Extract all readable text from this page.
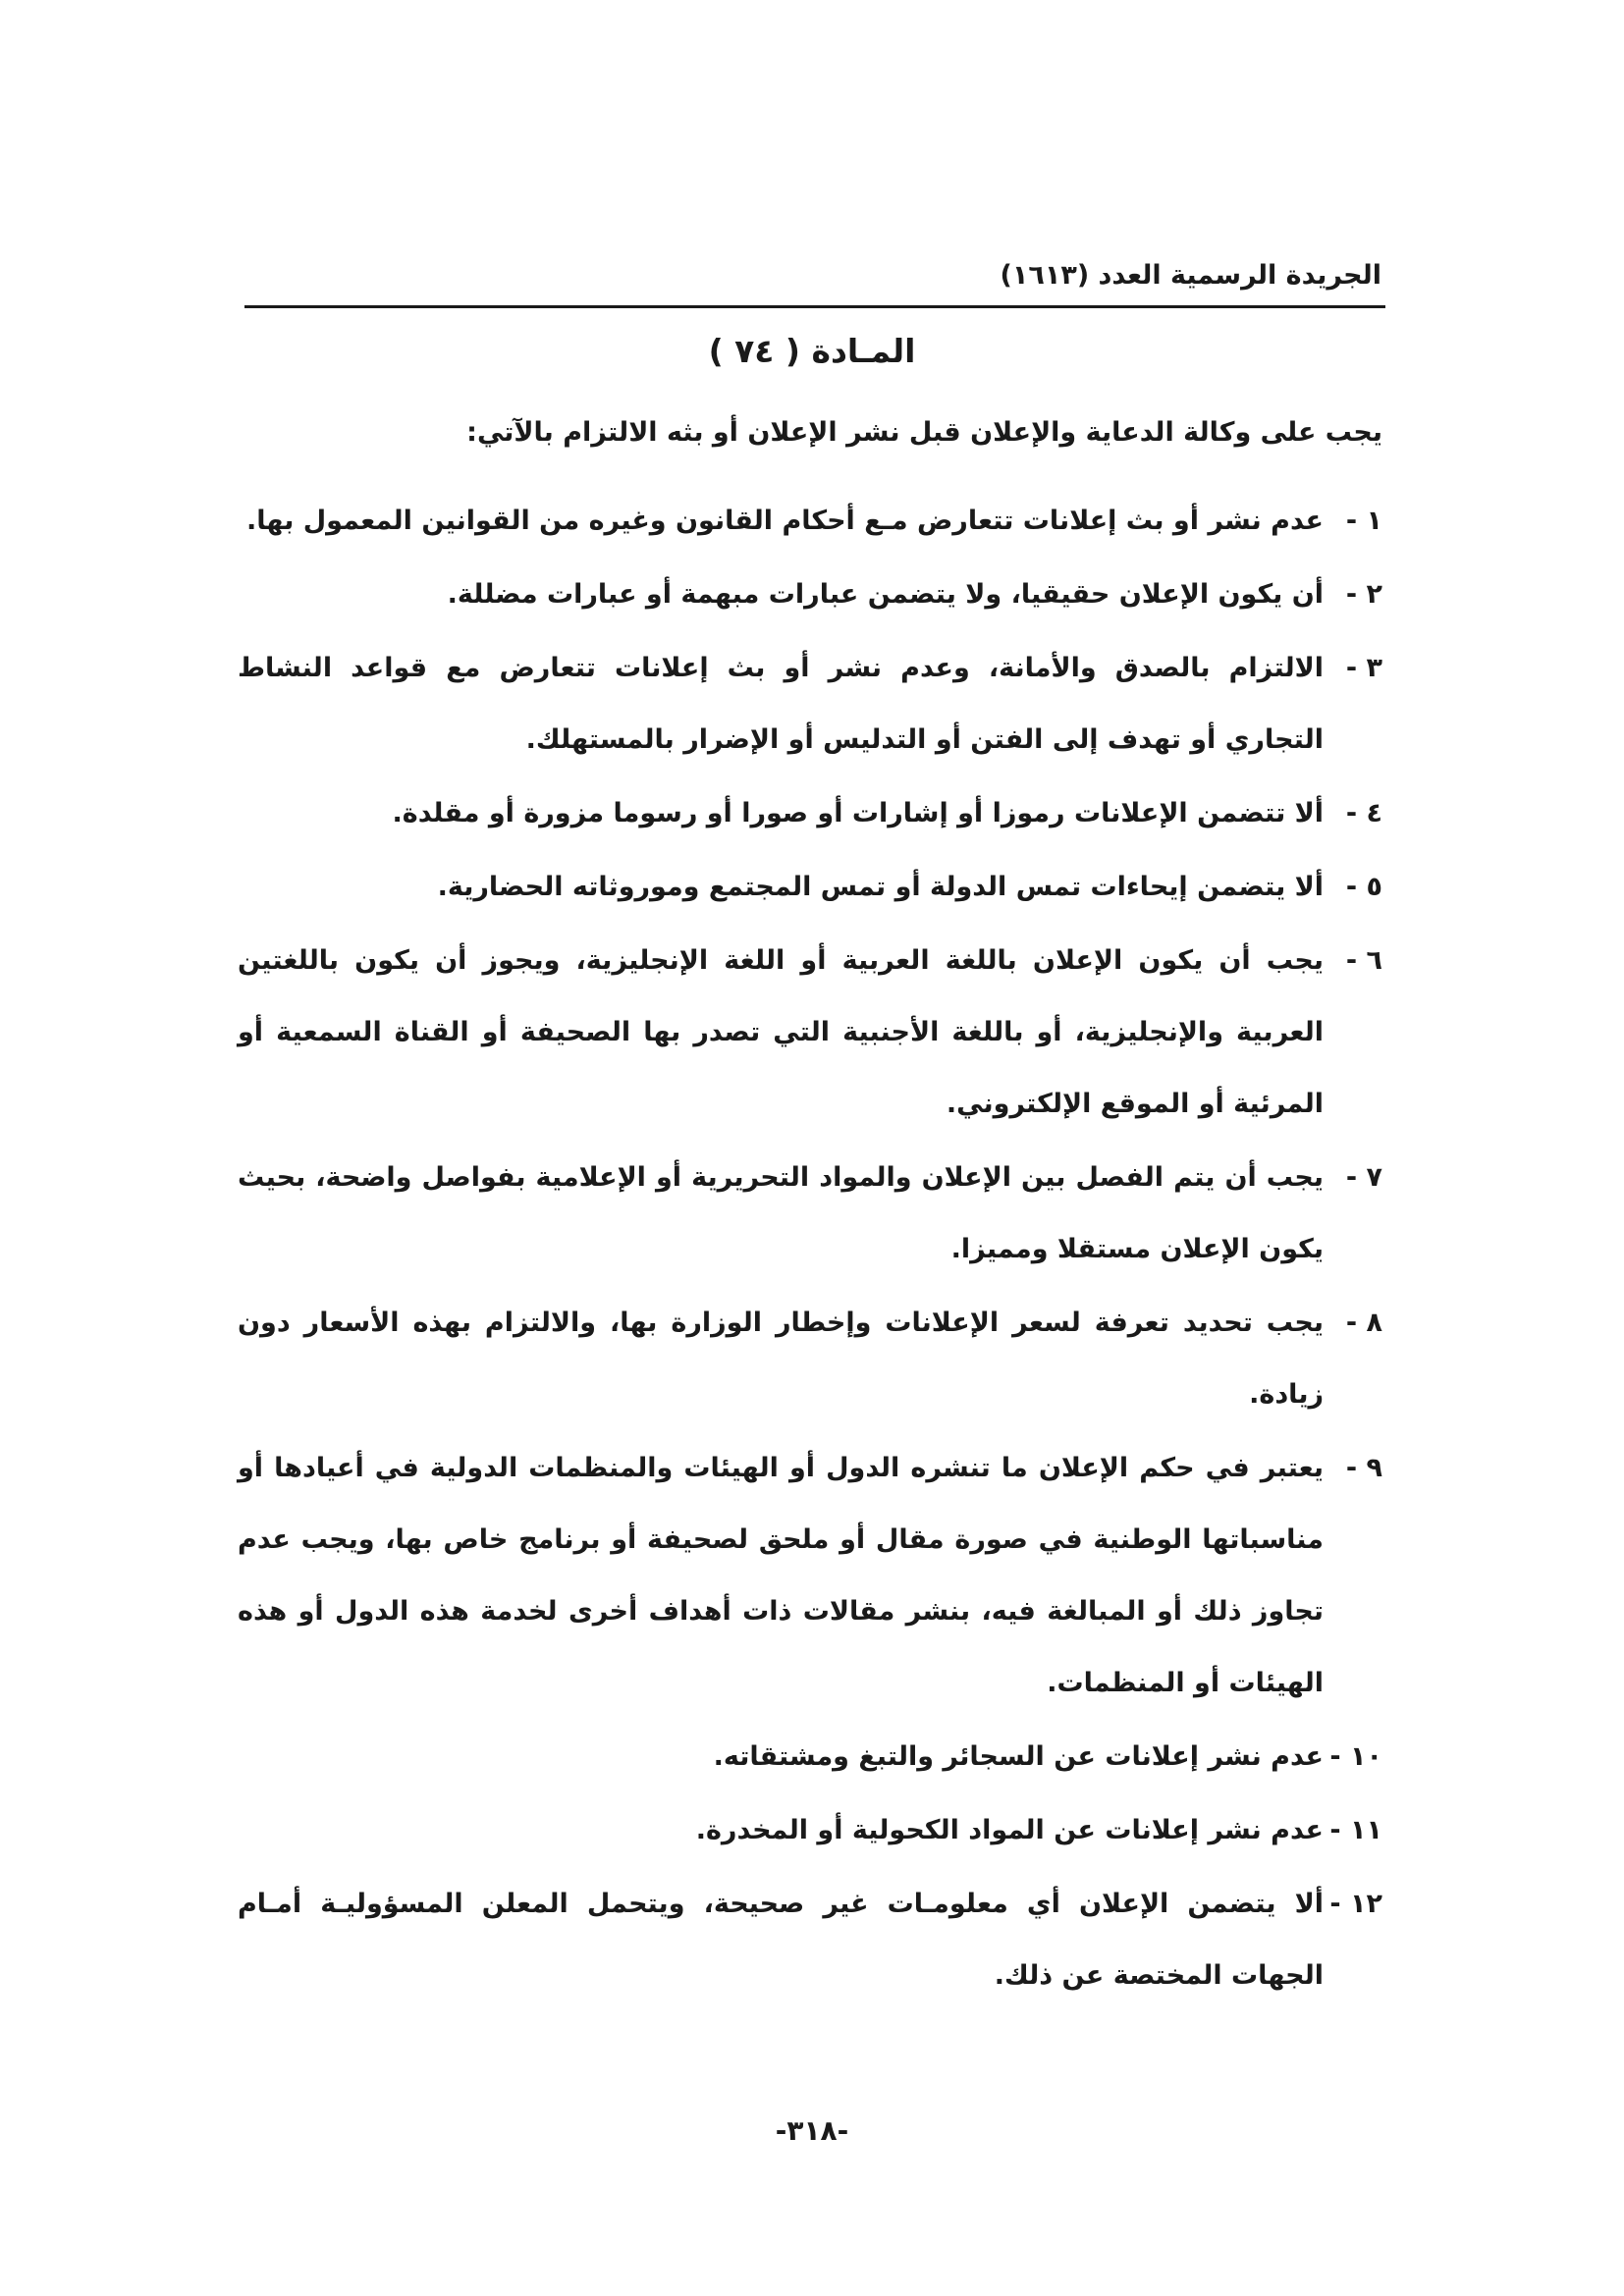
الجريدة الرسمية العدد (١٦١٣)
المـادة ( ٧٤ )
يجب على وكالة الدعاية والإعلان قبل نشر الإعلان أو بثه الالتزام بالآتي:
١ -
عدم نشر أو بث إعلانات تتعارض مـع أحكام القانون وغيره من القوانين المعمول بها.
٢ -
أن يكون الإعلان حقيقيا، ولا يتضمن عبارات مبهمة أو عبارات مضللة.
٣ -
الالتزام بالصدق والأمانة، وعدم نشر أو بث إعلانات تتعارض مع قواعد النشاط التجاري أو تهدف إلى الفتن أو التدليس أو الإضرار بالمستهلك.
٤ -
ألا تتضمن الإعلانات رموزا أو إشارات أو صورا أو رسوما مزورة أو مقلدة.
٥ -
ألا يتضمن إيحاءات تمس الدولة أو تمس المجتمع وموروثاته الحضارية.
٦ -
يجب أن يكون الإعلان باللغة العربية أو اللغة الإنجليزية، ويجوز أن يكون باللغتين العربية والإنجليزية، أو باللغة الأجنبية التي تصدر بها الصحيفة أو القناة السمعية أو المرئية أو الموقع الإلكتروني.
٧ -
يجب أن يتم الفصل بين الإعلان والمواد التحريرية أو الإعلامية بفواصل واضحة، بحيث يكون الإعلان مستقلا ومميزا.
٨ -
يجب تحديد تعرفة لسعر الإعلانات وإخطار الوزارة بها، والالتزام بهذه الأسعار دون زيادة.
٩ -
يعتبر في حكم الإعلان ما تنشره الدول أو الهيئات والمنظمات الدولية في أعيادها أو مناسباتها الوطنية في صورة مقال أو ملحق لصحيفة أو برنامج خاص بها، ويجب عدم تجاوز ذلك أو المبالغة فيه، بنشر مقالات ذات أهداف أخرى لخدمة هذه الدول أو هذه الهيئات أو المنظمات.
١٠ -
عدم نشر إعلانات عن السجائر والتبغ ومشتقاته.
١١ -
عدم نشر إعلانات عن المواد الكحولية أو المخدرة.
١٢ -
ألا يتضمن الإعلان أي معلومـات غير صحيحة، ويتحمل المعلن المسؤوليـة أمـام الجهات المختصة عن ذلك.
-٣١٨-
